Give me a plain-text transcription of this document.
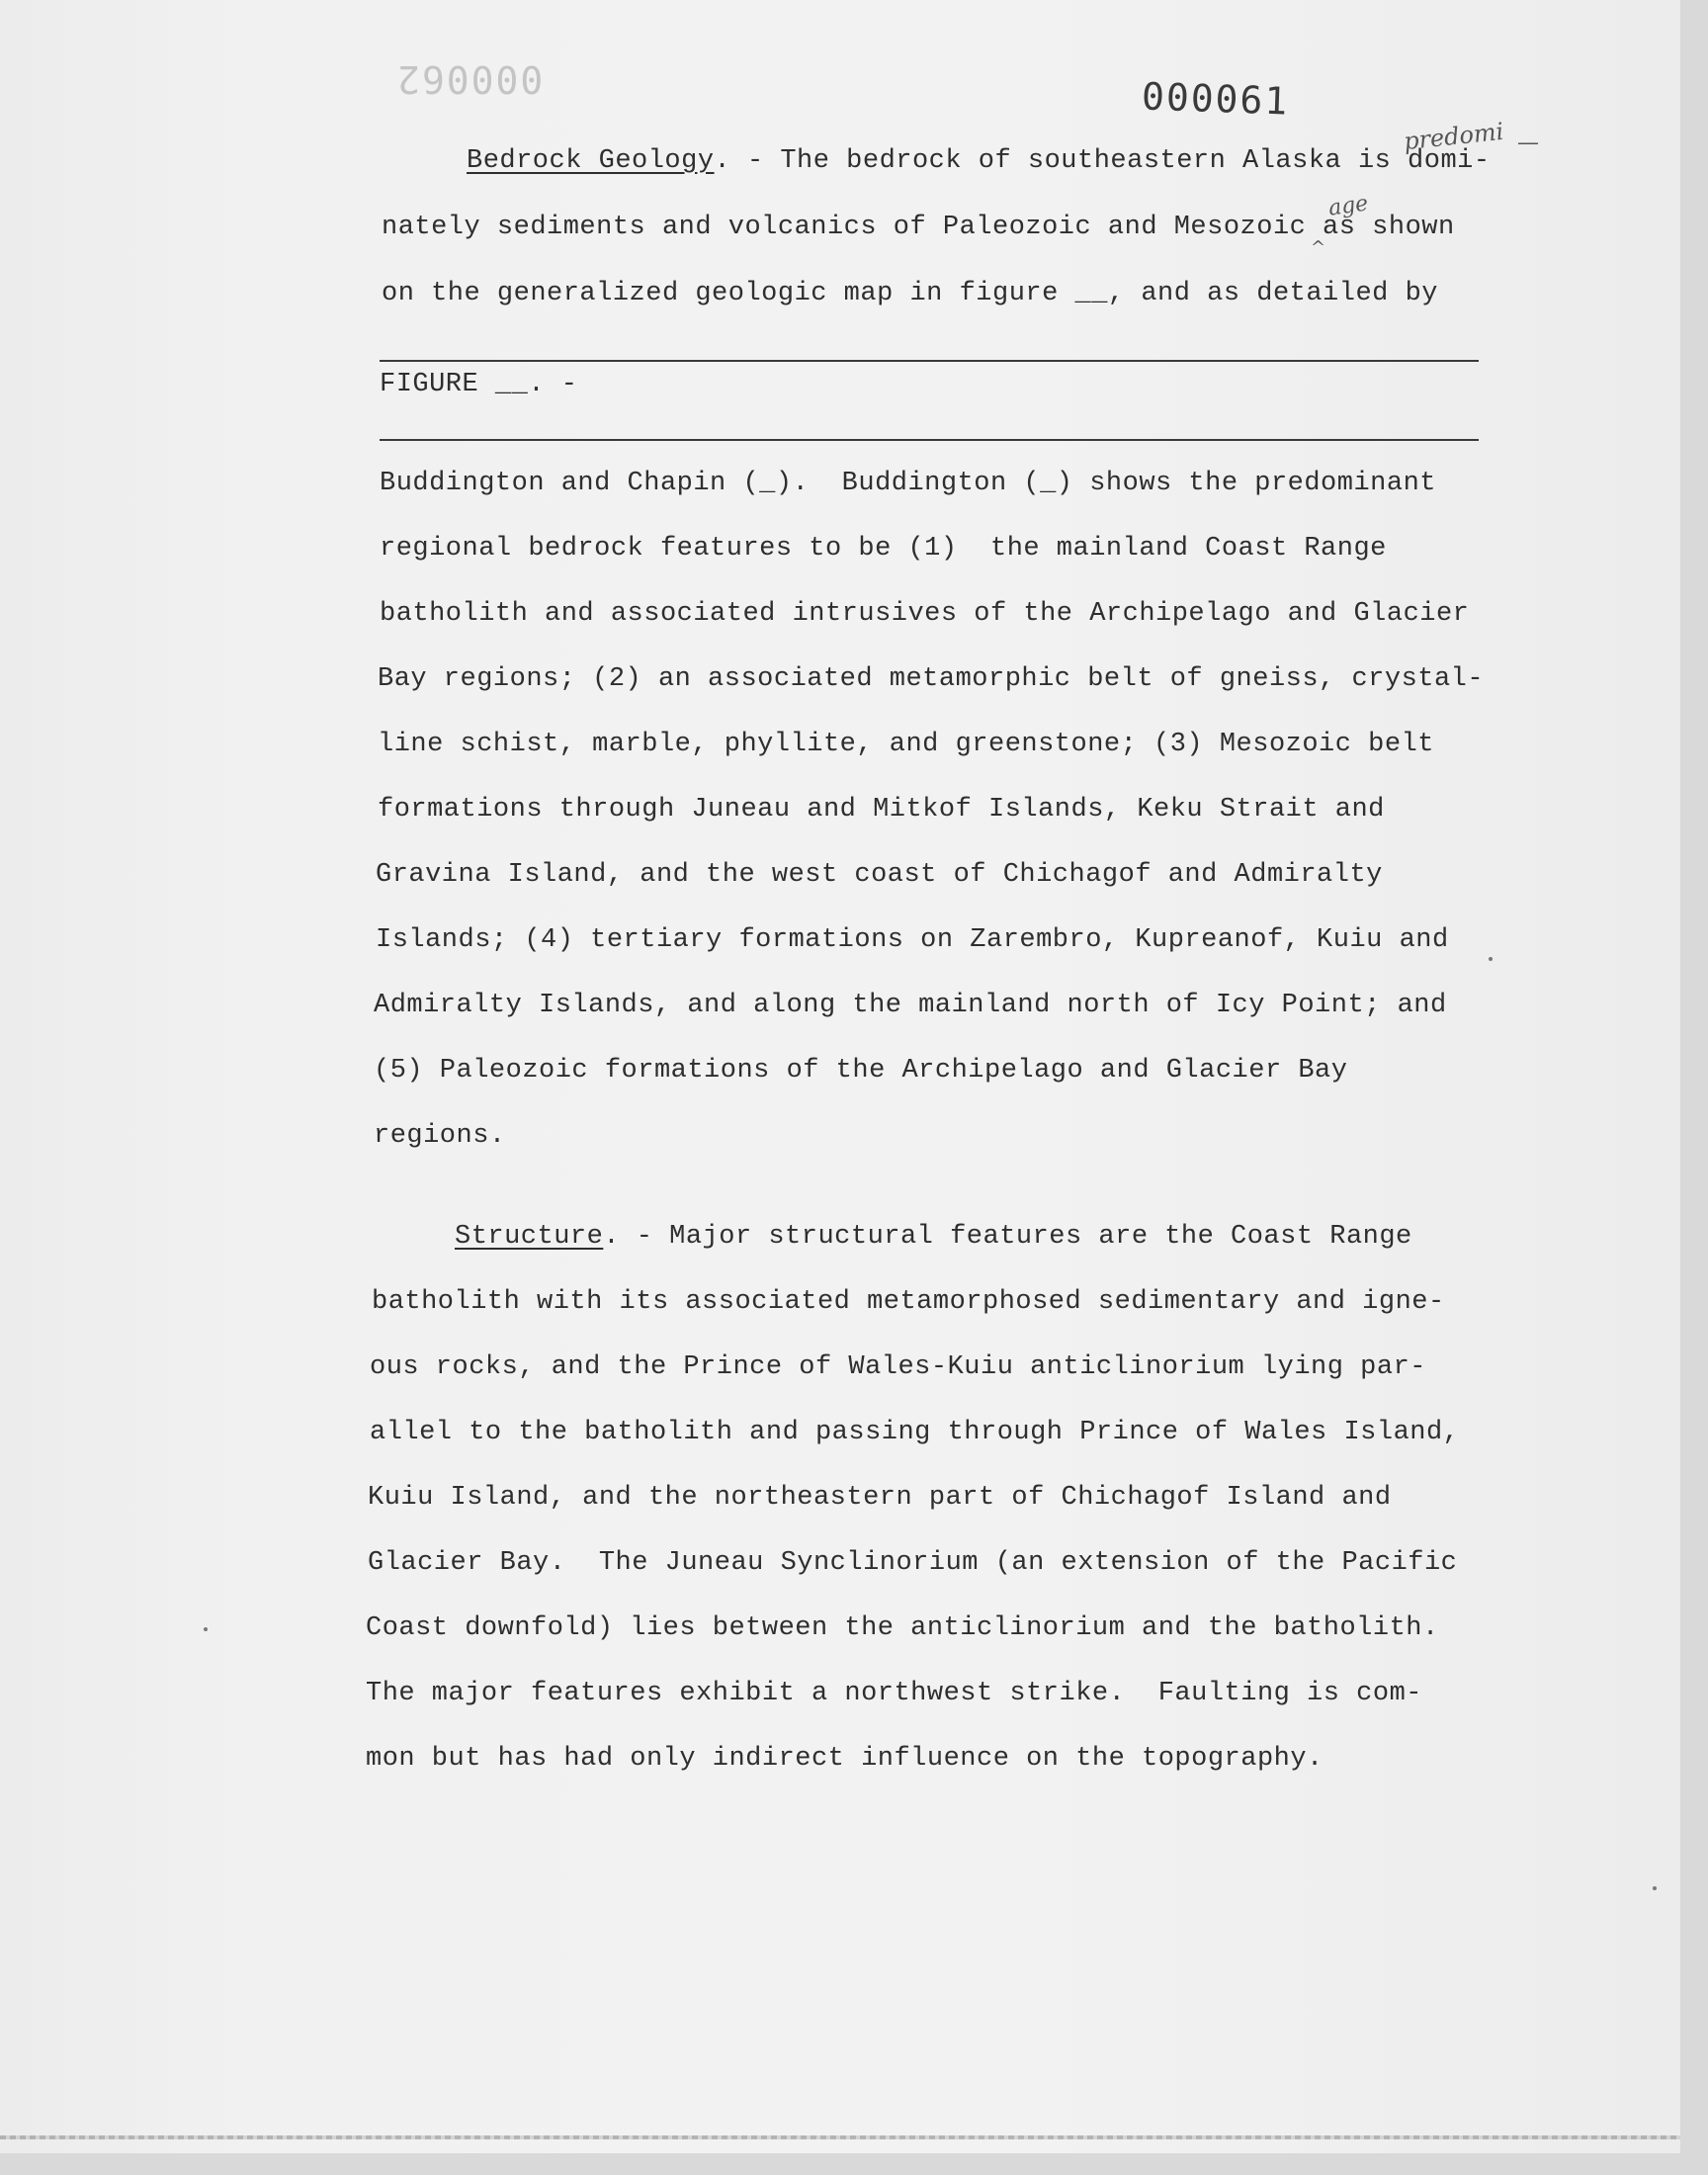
000062	000061
predomi —
age
^
Bedrock Geology. - The bedrock of southeastern Alaska is domi-
nately sediments and volcanics of Paleozoic and Mesozoic as shown
on the generalized geologic map in figure __, and as detailed by
FIGURE __. -
Buddington and Chapin (_).  Buddington (_) shows the predominant
regional bedrock features to be (1)  the mainland Coast Range
batholith and associated intrusives of the Archipelago and Glacier
Bay regions; (2) an associated metamorphic belt of gneiss, crystal-
line schist, marble, phyllite, and greenstone; (3) Mesozoic belt
formations through Juneau and Mitkof Islands, Keku Strait and
Gravina Island, and the west coast of Chichagof and Admiralty
Islands; (4) tertiary formations on Zarembro, Kupreanof, Kuiu and
Admiralty Islands, and along the mainland north of Icy Point; and
(5) Paleozoic formations of the Archipelago and Glacier Bay
regions.
Structure. - Major structural features are the Coast Range
batholith with its associated metamorphosed sedimentary and igne-
ous rocks, and the Prince of Wales-Kuiu anticlinorium lying par-
allel to the batholith and passing through Prince of Wales Island,
Kuiu Island, and the northeastern part of Chichagof Island and
Glacier Bay.  The Juneau Synclinorium (an extension of the Pacific
Coast downfold) lies between the anticlinorium and the batholith.
The major features exhibit a northwest strike.  Faulting is com-
mon but has had only indirect influence on the topography.
